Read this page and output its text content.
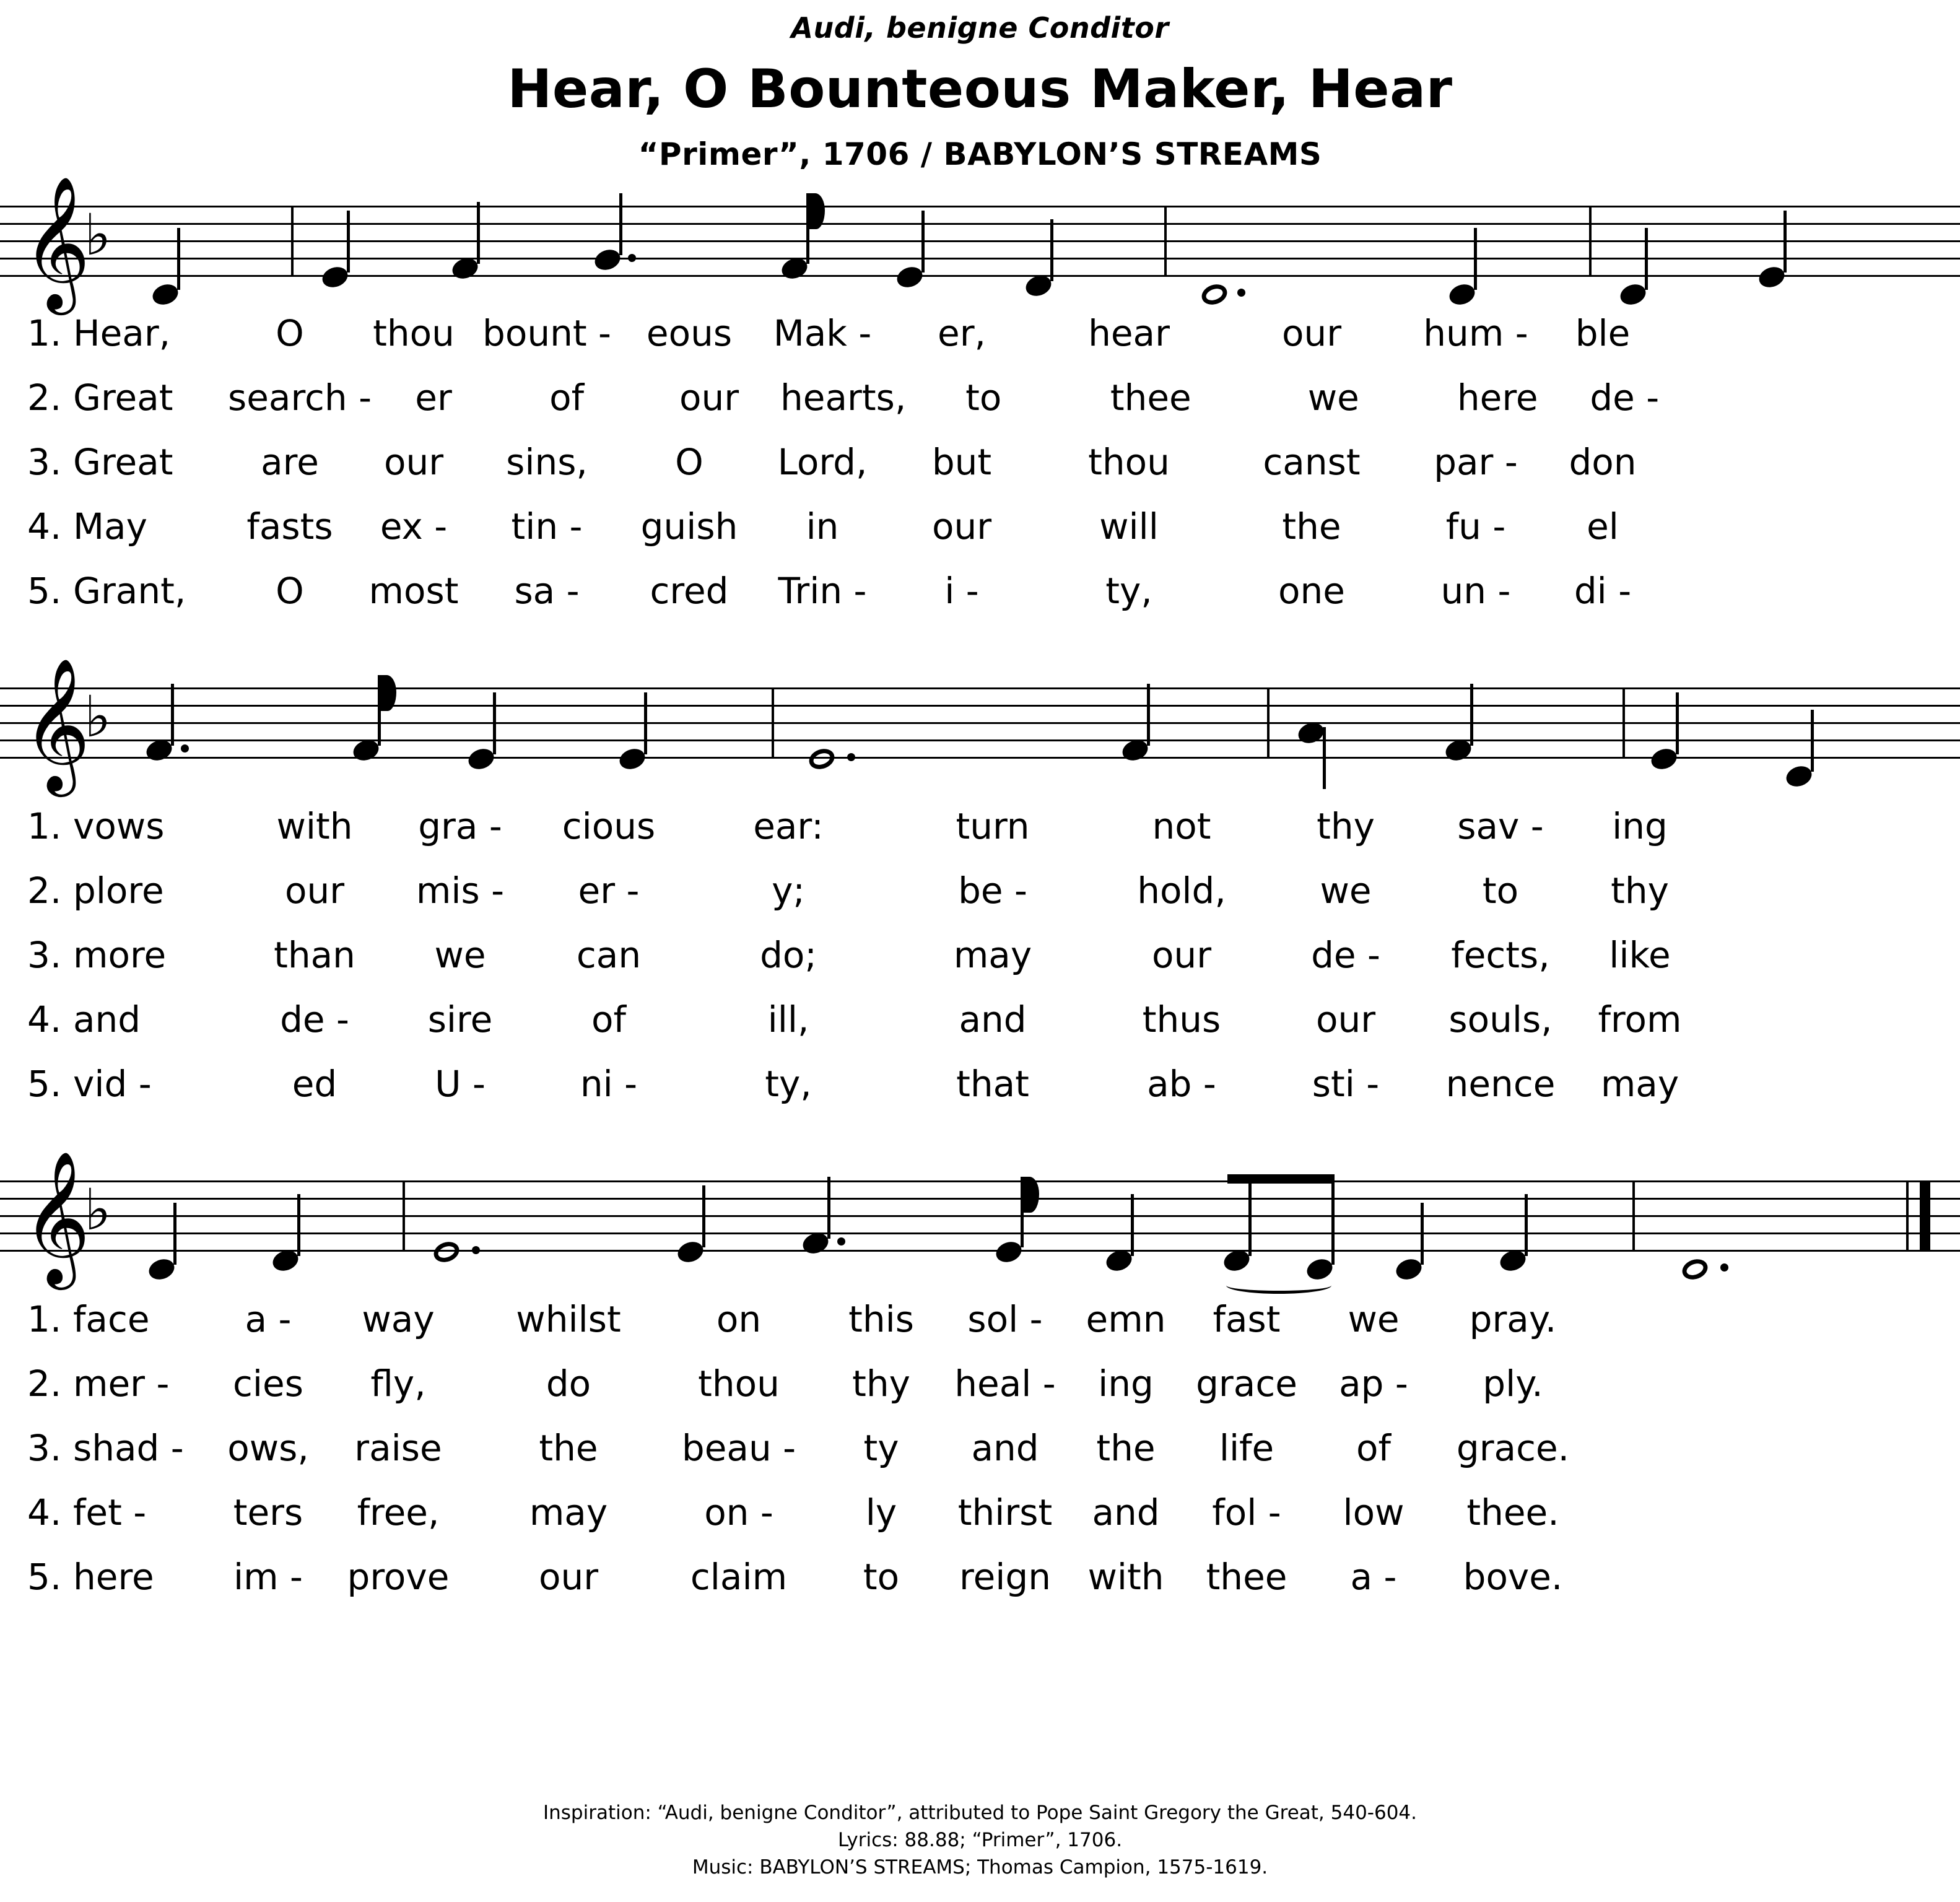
Audi, benigne Conditor
Hear, O Bounteous Maker, Hear
“Primer”, 1706 / BABYLON’S STREAMS
𝄞
♭
1. Hear,	O	thou bount - eous	Mak -	er,	hear	our	hum -	ble
2. Great	search -	er	of	our	hearts,	to	thee	we	here	de -
3. Great	are	our	sins,	O	Lord,	but	thou	canst	par -	don
4. May	fasts	ex -	tin -	guish	in	our	will	the	fu -	el
5. Grant,	O	most	sa -	cred	Trin -	i -	ty,	one	un -	di -
𝄞
♭
1. vows	with	gra -	cious	ear:	turn	not	thy	sav -	ing
2. plore	our	mis -	er -	y;	be -	hold,	we	to	thy
3. more	than	we	can	do;	may	our	de -	fects,	like
4. and	de -	sire	of	ill,	and	thus	our	souls,	from
5. vid -	ed	U -	ni -	ty,	that	ab -	sti -	nence	may
𝄞
♭
1. face	a -	way	whilst	on	this	sol -	emn	fast	we	pray.
2. mer -	cies	fly,	do	thou	thy	heal -	ing	grace	ap -	ply.
3. shad -	ows,	raise	the	beau -	ty	and	the	life	of	grace.
4. fet -	ters	free,	may	on -	ly	thirst	and	fol -	low	thee.
5. here	im -	prove	our	claim	to	reign	with	thee	a -	bove.
Inspiration: “Audi, benigne Conditor”, attributed to Pope Saint Gregory the Great, 540-604.
Lyrics: 88.88; “Primer”, 1706.
Music: BABYLON’S STREAMS; Thomas Campion, 1575-1619.
